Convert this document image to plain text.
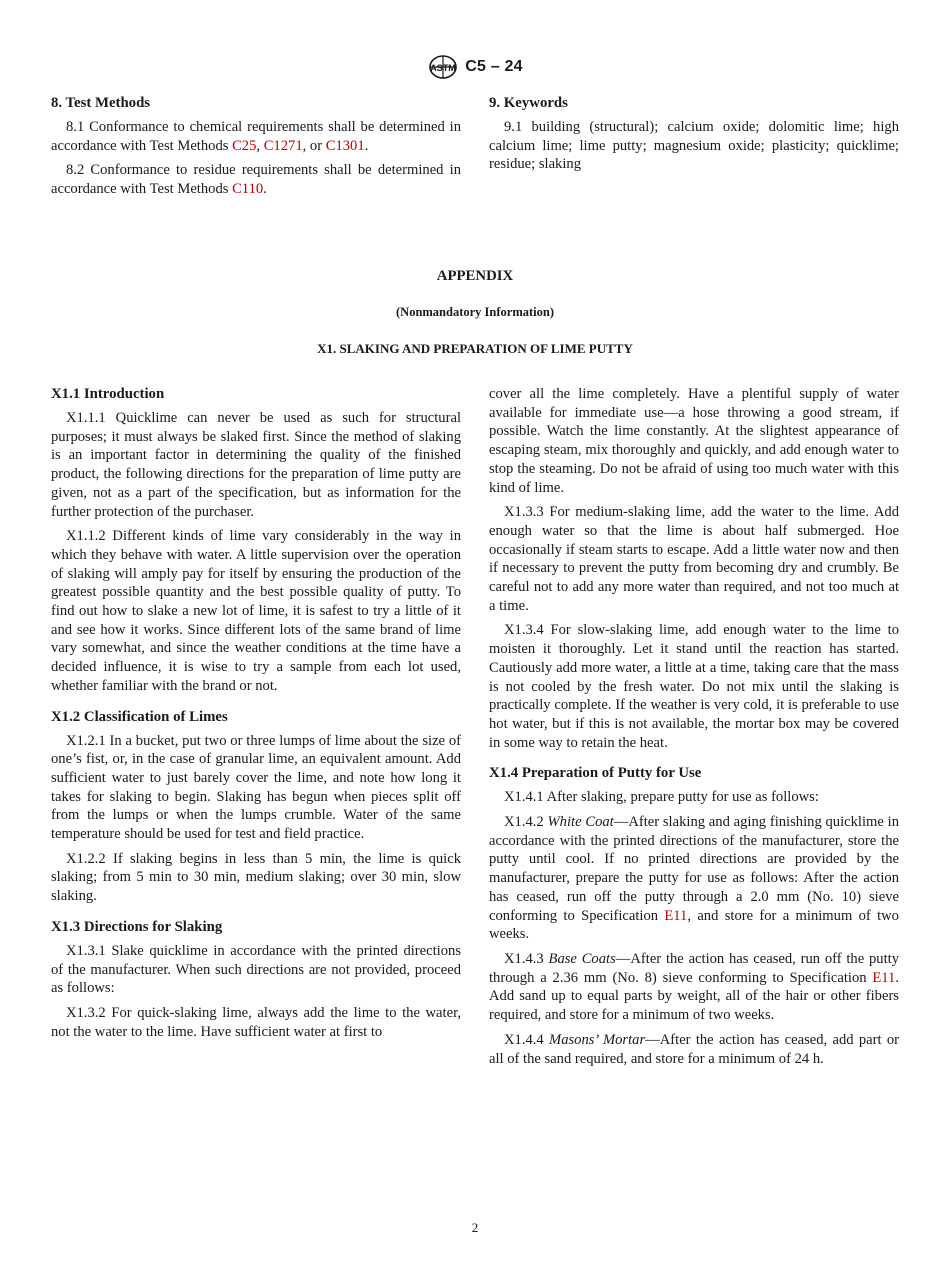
ASTM C5 – 24
8. Test Methods

8.1 Conformance to chemical requirements shall be determined in accordance with Test Methods C25, C1271, or C1301.

8.2 Conformance to residue requirements shall be determined in accordance with Test Methods C110.

9. Keywords

9.1 building (structural); calcium oxide; dolomitic lime; high calcium lime; lime putty; magnesium oxide; plasticity; quicklime; residue; slaking

APPENDIX
(Nonmandatory Information)
X1. SLAKING AND PREPARATION OF LIME PUTTY
X1.1 Introduction

X1.1.1 Quicklime can never be used as such for structural purposes; it must always be slaked first. Since the method of slaking is an important factor in determining the quality of the finished product, the following directions for the preparation of lime putty are given, not as a part of the specification, but as information for the further protection of the purchaser.

X1.1.2 Different kinds of lime vary considerably in the way in which they behave with water. A little supervision over the operation of slaking will amply pay for itself by ensuring the production of the greatest possible quantity and the best possible quality of putty. To find out how to slake a new lot of lime, it is safest to try a little of it and see how it works. Since different lots of the same brand of lime vary somewhat, and since the weather conditions at the time have a decided influence, it is wise to try a sample from each lot used, whether familiar with the brand or not.

X1.2 Classification of Limes

X1.2.1 In a bucket, put two or three lumps of lime about the size of one’s fist, or, in the case of granular lime, an equivalent amount. Add sufficient water to just barely cover the lime, and note how long it takes for slaking to begin. Slaking has begun when pieces split off from the lumps or when the lumps crumble. Water of the same temperature should be used for test and field practice.

X1.2.2 If slaking begins in less than 5 min, the lime is quick slaking; from 5 min to 30 min, medium slaking; over 30 min, slow slaking.

X1.3 Directions for Slaking

X1.3.1 Slake quicklime in accordance with the printed directions of the manufacturer. When such directions are not provided, proceed as follows:

X1.3.2 For quick-slaking lime, always add the lime to the water, not the water to the lime. Have sufficient water at first to

cover all the lime completely. Have a plentiful supply of water available for immediate use—a hose throwing a good stream, if possible. Watch the lime constantly. At the slightest appearance of escaping steam, mix thoroughly and quickly, and add enough water to stop the steaming. Do not be afraid of using too much water with this kind of lime.

X1.3.3 For medium-slaking lime, add the water to the lime. Add enough water so that the lime is about half submerged. Hoe occasionally if steam starts to escape. Add a little water now and then if necessary to prevent the putty from becoming dry and crumbly. Be careful not to add any more water than required, and not too much at a time.

X1.3.4 For slow-slaking lime, add enough water to the lime to moisten it thoroughly. Let it stand until the reaction has started. Cautiously add more water, a little at a time, taking care that the mass is not cooled by the fresh water. Do not mix until the slaking is practically complete. If the weather is very cold, it is preferable to use hot water, but if this is not available, the mortar box may be covered in some way to retain the heat.

X1.4 Preparation of Putty for Use

X1.4.1 After slaking, prepare putty for use as follows:

X1.4.2 White Coat—After slaking and aging finishing quicklime in accordance with the printed directions of the manufacturer, store the putty until cool. If no printed directions are provided by the manufacturer, prepare the putty for use as follows: After the action has ceased, run off the putty through a 2.0 mm (No. 10) sieve conforming to Specification E11, and store for a minimum of two weeks.

X1.4.3 Base Coats—After the action has ceased, run off the putty through a 2.36 mm (No. 8) sieve conforming to Specification E11. Add sand up to equal parts by weight, all of the hair or other fibers required, and store for a minimum of two weeks.

X1.4.4 Masons’ Mortar—After the action has ceased, add part or all of the sand required, and store for a minimum of 24 h.

2
